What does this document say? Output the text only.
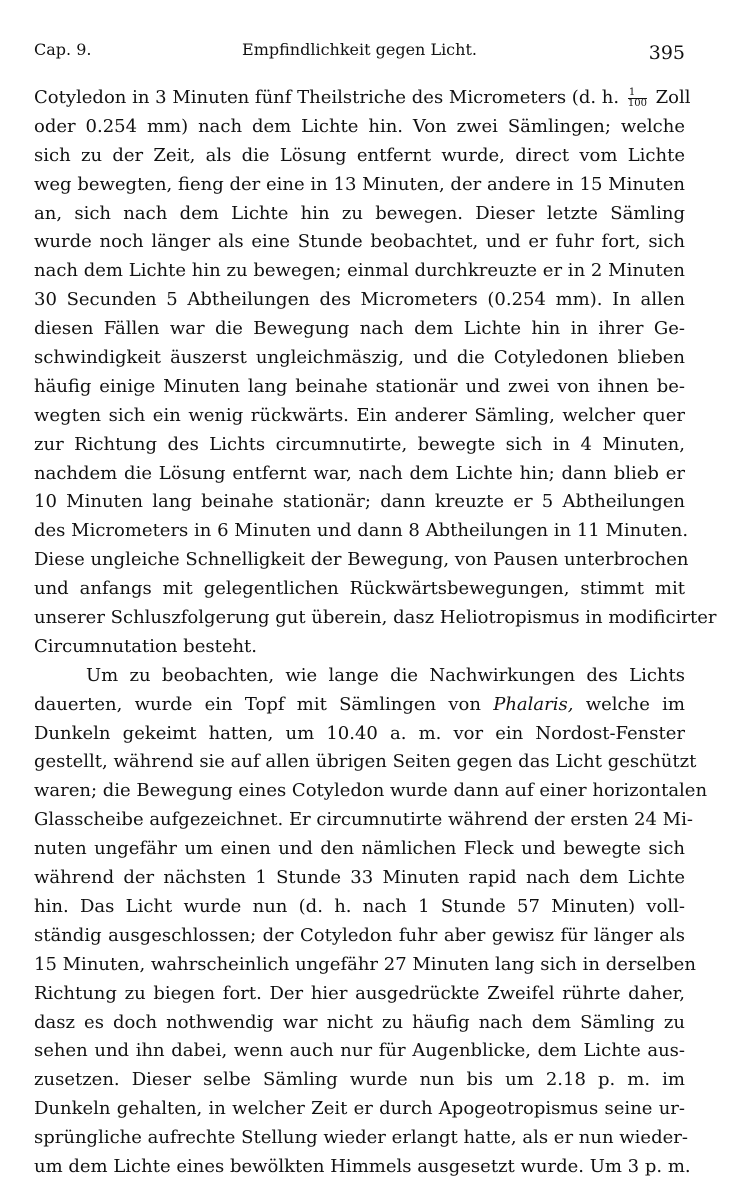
Cap. 9.	Empfindlichkeit gegen Licht.	395
Cotyledon in 3 Minuten fünf Theilstriche des Micrometers (d. h. $\frac{1}{100}$ Zoll
oder 0.254 mm) nach dem Lichte hin. Von zwei Sämlingen; welche
sich zu der Zeit, als die Lösung entfernt wurde, direct vom Lichte
weg bewegten, fieng der eine in 13 Minuten, der andere in 15 Minuten
an, sich nach dem Lichte hin zu bewegen. Dieser letzte Sämling
wurde noch länger als eine Stunde beobachtet, und er fuhr fort, sich
nach dem Lichte hin zu bewegen; einmal durchkreuzte er in 2 Minuten
30 Secunden 5 Abtheilungen des Micrometers (0.254 mm). In allen
diesen Fällen war die Bewegung nach dem Lichte hin in ihrer Ge-
schwindigkeit äuszerst ungleichmäszig, und die Cotyledonen blieben
häufig einige Minuten lang beinahe stationär und zwei von ihnen be-
wegten sich ein wenig rückwärts. Ein anderer Sämling, welcher quer
zur Richtung des Lichts circumnutirte, bewegte sich in 4 Minuten,
nachdem die Lösung entfernt war, nach dem Lichte hin; dann blieb er
10 Minuten lang beinahe stationär; dann kreuzte er 5 Abtheilungen
des Micrometers in 6 Minuten und dann 8 Abtheilungen in 11 Minuten.
Diese ungleiche Schnelligkeit der Bewegung, von Pausen unterbrochen
und anfangs mit gelegentlichen Rückwärtsbewegungen, stimmt mit
unserer Schluszfolgerung gut überein, dasz Heliotropismus in modificirter
Circumnutation besteht.
Um zu beobachten, wie lange die Nachwirkungen des Lichts
dauerten, wurde ein Topf mit Sämlingen von Phalaris, welche im
Dunkeln gekeimt hatten, um 10.40 a. m. vor ein Nordost-Fenster
gestellt, während sie auf allen übrigen Seiten gegen das Licht geschützt
waren; die Bewegung eines Cotyledon wurde dann auf einer horizontalen
Glasscheibe aufgezeichnet. Er circumnutirte während der ersten 24 Mi-
nuten ungefähr um einen und den nämlichen Fleck und bewegte sich
während der nächsten 1 Stunde 33 Minuten rapid nach dem Lichte
hin. Das Licht wurde nun (d. h. nach 1 Stunde 57 Minuten) voll-
ständig ausgeschlossen; der Cotyledon fuhr aber gewisz für länger als
15 Minuten, wahrscheinlich ungefähr 27 Minuten lang sich in derselben
Richtung zu biegen fort. Der hier ausgedrückte Zweifel rührte daher,
dasz es doch nothwendig war nicht zu häufig nach dem Sämling zu
sehen und ihn dabei, wenn auch nur für Augenblicke, dem Lichte aus-
zusetzen. Dieser selbe Sämling wurde nun bis um 2.18 p. m. im
Dunkeln gehalten, in welcher Zeit er durch Apogeotropismus seine ur-
sprüngliche aufrechte Stellung wieder erlangt hatte, als er nun wieder-
um dem Lichte eines bewölkten Himmels ausgesetzt wurde. Um 3 p. m.
